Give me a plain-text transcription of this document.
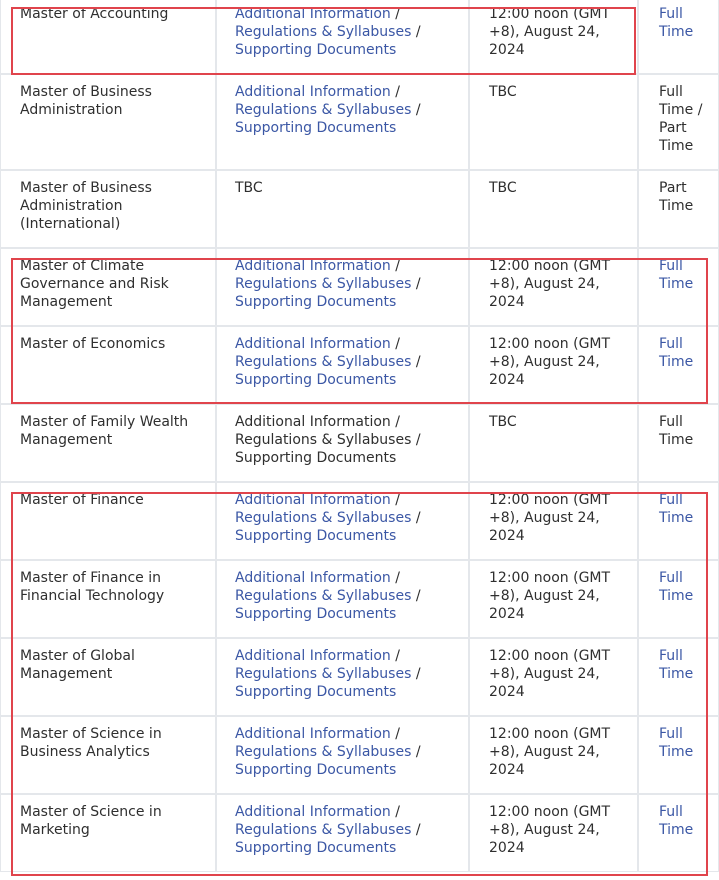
Master of Accounting	Additional Information /
Regulations & Syllabuses /
Supporting Documents	12:00 noon (GMT +8), August 24, 2024	Full Time
Master of Business Administration	Additional Information /
Regulations & Syllabuses /
Supporting Documents	TBC	Full Time / Part Time
Master of Business Administration (International)	TBC	TBC	Part Time
Master of Climate Governance and Risk Management	Additional Information /
Regulations & Syllabuses /
Supporting Documents	12:00 noon (GMT +8), August 24, 2024	Full Time
Master of Economics	Additional Information /
Regulations & Syllabuses /
Supporting Documents	12:00 noon (GMT +8), August 24, 2024	Full Time
Master of Family Wealth Management	Additional Information /
Regulations & Syllabuses /
Supporting Documents	TBC	Full Time
Master of Finance	Additional Information /
Regulations & Syllabuses /
Supporting Documents	12:00 noon (GMT +8), August 24, 2024	Full Time
Master of Finance in Financial Technology	Additional Information /
Regulations & Syllabuses /
Supporting Documents	12:00 noon (GMT +8), August 24, 2024	Full Time
Master of Global Management	Additional Information /
Regulations & Syllabuses /
Supporting Documents	12:00 noon (GMT +8), August 24, 2024	Full Time
Master of Science in Business Analytics	Additional Information /
Regulations & Syllabuses /
Supporting Documents	12:00 noon (GMT +8), August 24, 2024	Full Time
Master of Science in Marketing	Additional Information /
Regulations & Syllabuses /
Supporting Documents	12:00 noon (GMT +8), August 24, 2024	Full Time
